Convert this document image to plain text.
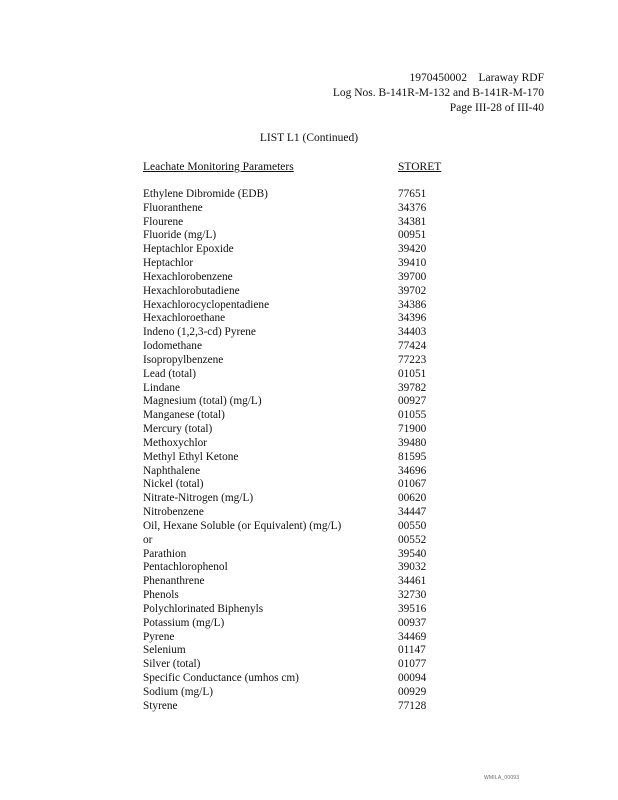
1970450002    Laraway RDF
Log Nos. B-141R-M-132 and B-141R-M-170
Page III-28 of III-40
LIST L1 (Continued)
Leachate Monitoring Parameters	STORET
Ethylene Dibromide (EDB)	77651
Fluoranthene	34376
Flourene	34381
Fluoride (mg/L)	00951
Heptachlor Epoxide	39420
Heptachlor	39410
Hexachlorobenzene	39700
Hexachlorobutadiene	39702
Hexachlorocyclopentadiene	34386
Hexachloroethane	34396
Indeno (1,2,3-cd) Pyrene	34403
Iodomethane	77424
Isopropylbenzene	77223
Lead (total)	01051
Lindane	39782
Magnesium (total) (mg/L)	00927
Manganese (total)	01055
Mercury (total)	71900
Methoxychlor	39480
Methyl Ethyl Ketone	81595
Naphthalene	34696
Nickel (total)	01067
Nitrate-Nitrogen (mg/L)	00620
Nitrobenzene	34447
Oil, Hexane Soluble (or Equivalent) (mg/L)	00550
or	00552
Parathion	39540
Pentachlorophenol	39032
Phenanthrene	34461
Phenols	32730
Polychlorinated Biphenyls	39516
Potassium (mg/L)	00937
Pyrene	34469
Selenium	01147
Silver (total)	01077
Specific Conductance (umhos cm)	00094
Sodium (mg/L)	00929
Styrene	77128
WMILA_00093
